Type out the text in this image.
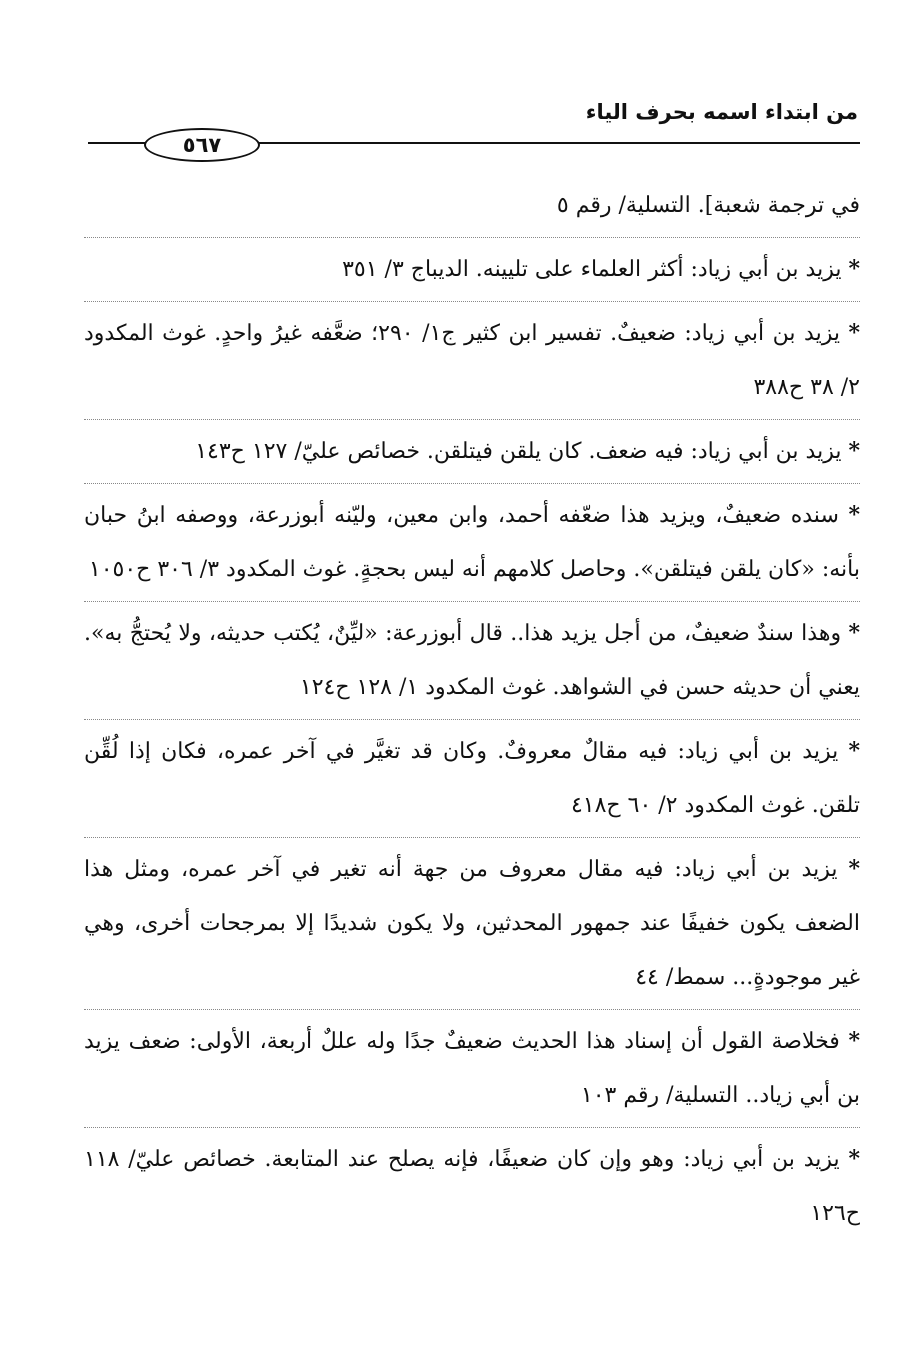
من ابتداء اسمه بحرف الياء
٥٦٧

في ترجمة شعبة]. التسلية/ رقم ٥

* يزيد بن أبي زياد: أكثر العلماء على تليينه. الديباج ٣/ ٣٥١

* يزيد بن أبي زياد: ضعيفٌ. تفسير ابن كثير ج١/ ٢٩٠؛ ضعَّفه غيرُ واحدٍ. غوث المكدود ٢/ ٣٨ ح٣٨٨

* يزيد بن أبي زياد: فيه ضعف. كان يلقن فيتلقن. خصائص عليّ/ ١٢٧ ح١٤٣

* سنده ضعيفٌ، ويزيد هذا ضعّفه أحمد، وابن معين، وليّنه أبوزرعة، ووصفه ابنُ حبان بأنه: «كان يلقن فيتلقن». وحاصل كلامهم أنه ليس بحجةٍ. غوث المكدود ٣/ ٣٠٦ ح١٠٥٠

* وهذا سندٌ ضعيفٌ، من أجل يزيد هذا.. قال أبوزرعة: «ليِّنٌ، يُكتب حديثه، ولا يُحتجُّ به». يعني أن حديثه حسن في الشواهد. غوث المكدود ١/ ١٢٨ ح١٢٤

* يزيد بن أبي زياد: فيه مقالٌ معروفٌ. وكان قد تغيَّر في آخر عمره، فكان إذا لُقِّن تلقن. غوث المكدود ٢/ ٦٠ ح٤١٨

* يزيد بن أبي زياد: فيه مقال معروف من جهة أنه تغير في آخر عمره، ومثل هذا الضعف يكون خفيفًا عند جمهور المحدثين، ولا يكون شديدًا إلا بمرجحات أخرى، وهي غير موجودةٍ... سمط/ ٤٤

* فخلاصة القول أن إسناد هذا الحديث ضعيفٌ جدًا وله عللٌ أربعة، الأولى: ضعف يزيد بن أبي زياد.. التسلية/ رقم ١٠٣

* يزيد بن أبي زياد: وهو وإن كان ضعيفًا، فإنه يصلح عند المتابعة. خصائص عليّ/ ١١٨ ح١٢٦
